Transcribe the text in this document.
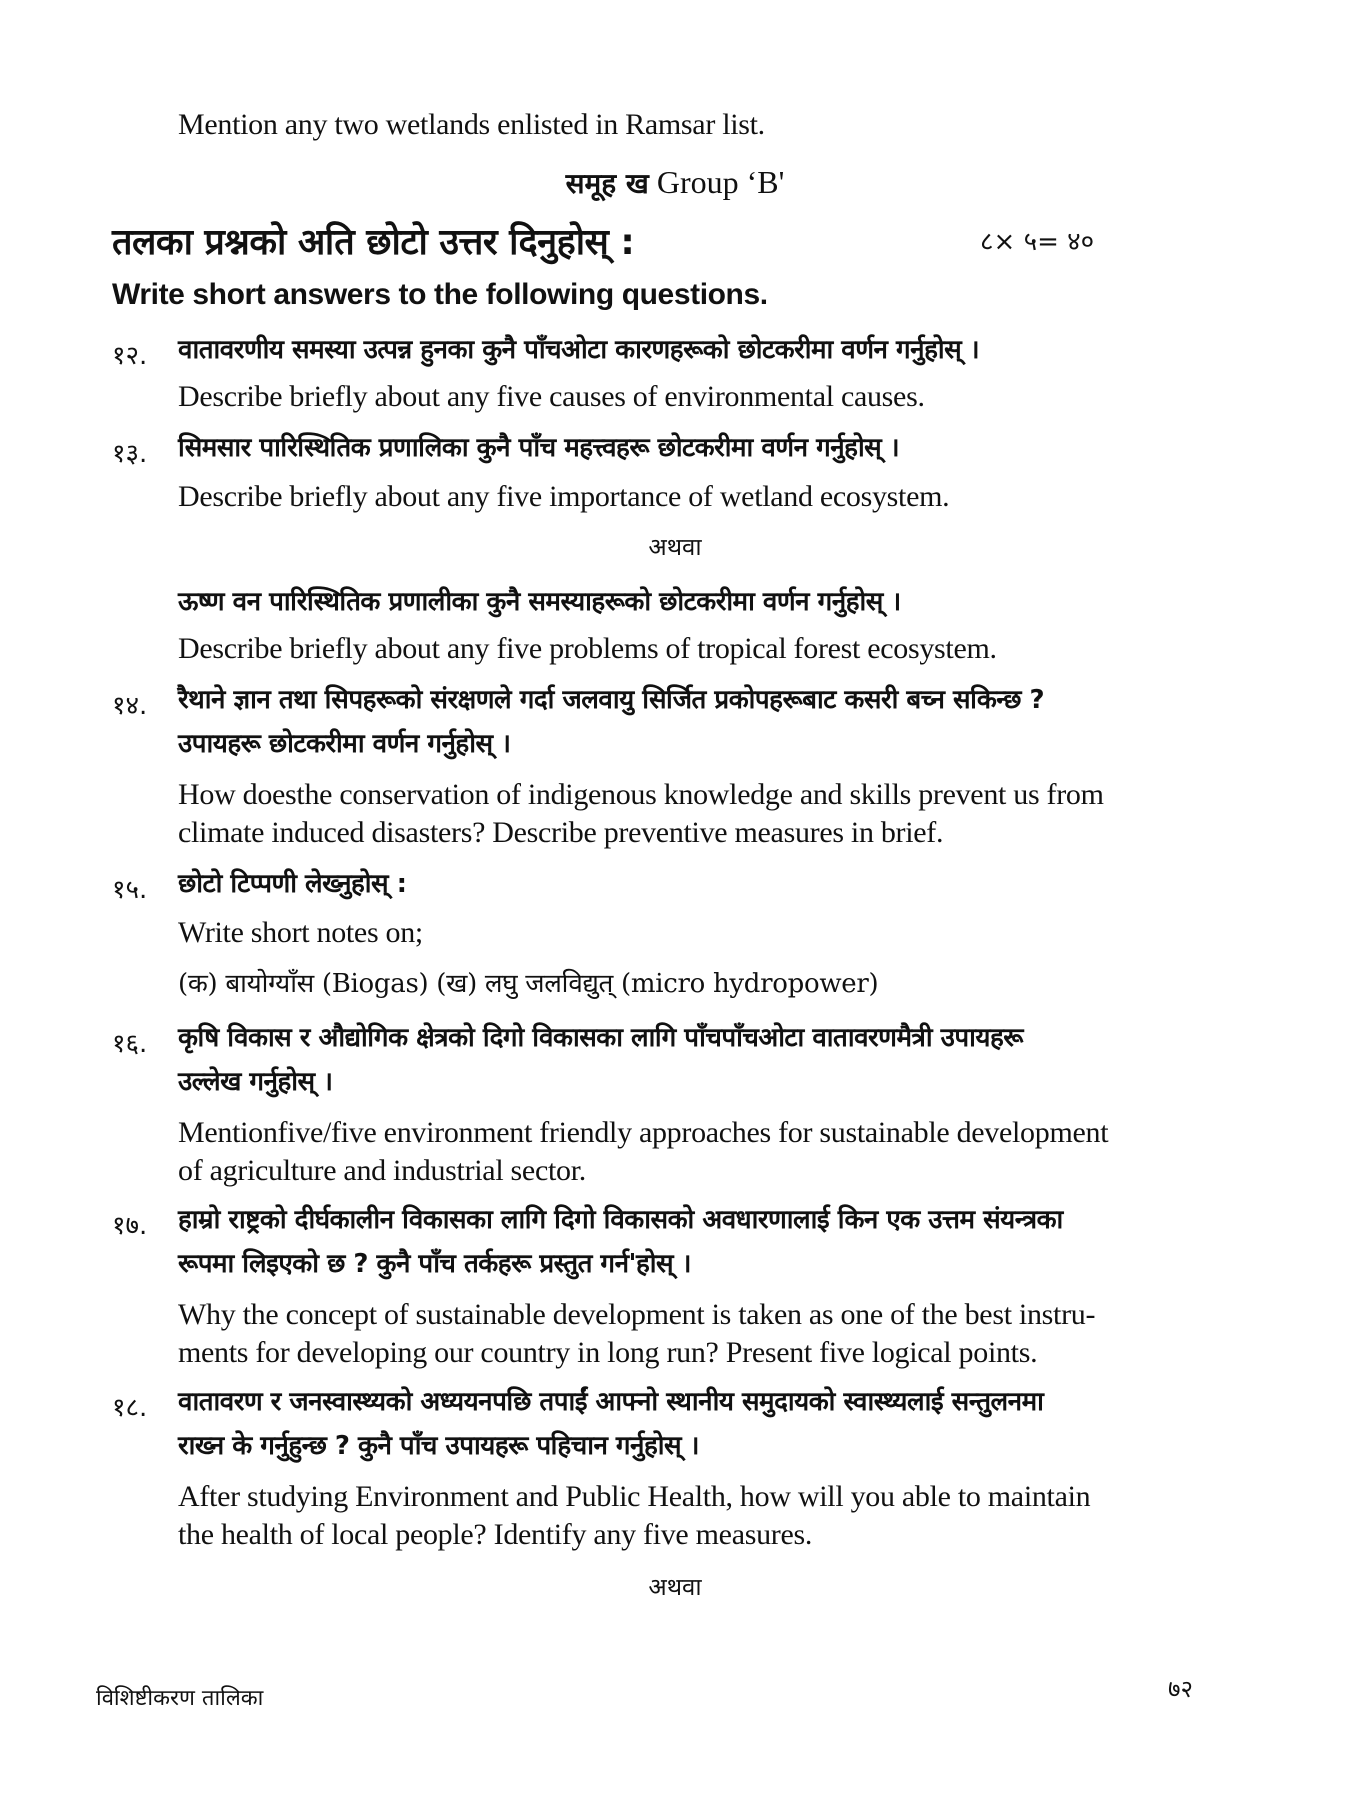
Mention any two wetlands enlisted in Ramsar list.
समूह ख Group ‘B'
तलका प्रश्नको अति छोटो उत्तर दिनुहोस् :	८× ५= ४०
Write short answers to the following questions.
१२. वातावरणीय समस्या उत्पन्न हुनका कुनै पाँचओटा कारणहरूको छोटकरीमा वर्णन गर्नुहोस् ।
Describe briefly about any five causes of environmental causes.
१३. सिमसार पारिस्थितिक प्रणालिका कुनै पाँच महत्त्वहरू छोटकरीमा वर्णन गर्नुहोस् ।
Describe briefly about any five importance of wetland ecosystem.
अथवा
ऊष्ण वन पारिस्थितिक प्रणालीका कुनै समस्याहरूको छोटकरीमा वर्णन गर्नुहोस् ।
Describe briefly about any five problems of tropical forest ecosystem.
१४. रैथाने ज्ञान तथा सिपहरूको संरक्षणले गर्दा जलवायु सिर्जित प्रकोपहरूबाट कसरी बच्न सकिन्छ ?
उपायहरू छोटकरीमा वर्णन गर्नुहोस् ।
How doesthe conservation of indigenous knowledge and skills prevent us from
climate induced disasters? Describe preventive measures in brief.
१५. छोटो टिप्पणी लेख्नुहोस् :
Write short notes on;
(क) बायोग्याँस (Biogas) (ख) लघु जलविद्युत् (micro hydropower)
१६. कृषि विकास र औद्योगिक क्षेत्रको दिगो विकासका लागि पाँचपाँचओटा वातावरणमैत्री उपायहरू
उल्लेख गर्नुहोस् ।
Mentionfive/five environment friendly approaches for sustainable development
of agriculture and industrial sector.
१७. हाम्रो राष्ट्रको दीर्घकालीन विकासका लागि दिगो विकासको अवधारणालाई किन एक उत्तम संयन्त्रका
रूपमा लिइएको छ ? कुनै पाँच तर्कहरू प्रस्तुत गर्न'होस् ।
Why the concept of sustainable development is taken as one of the best instru-
ments for developing our country in long run? Present five logical points.
१८. वातावरण र जनस्वास्थ्यको अध्ययनपछि तपाईं आफ्नो स्थानीय समुदायको स्वास्थ्यलाई सन्तुलनमा
राख्न के गर्नुहुन्छ ? कुनै पाँच उपायहरू पहिचान गर्नुहोस् ।
After studying Environment and Public Health, how will you able to maintain
the health of local people? Identify any five measures.
अथवा
विशिष्टीकरण तालिका	७२
